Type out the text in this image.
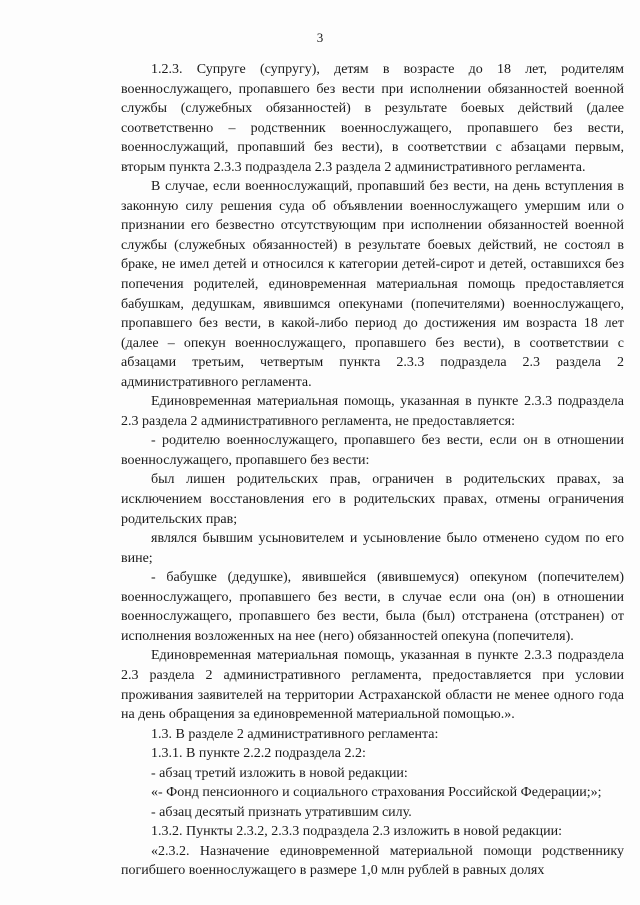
3

1.2.3. Супруге (супругу), детям в возрасте до 18 лет, родителям военнослужащего, пропавшего без вести при исполнении обязанностей военной службы (служебных обязанностей) в результате боевых действий (далее соответственно – родственник военнослужащего, пропавшего без вести, военнослужащий, пропавший без вести), в соответствии с абзацами первым, вторым пункта 2.3.3 подраздела 2.3 раздела 2 административного регламента.

В случае, если военнослужащий, пропавший без вести, на день вступления в законную силу решения суда об объявлении военнослужащего умершим или о признании его безвестно отсутствующим при исполнении обязанностей военной службы (служебных обязанностей) в результате боевых действий, не состоял в браке, не имел детей и относился к категории детей-сирот и детей, оставшихся без попечения родителей, единовременная материальная помощь предоставляется бабушкам, дедушкам, явившимся опекунами (попечителями) военнослужащего, пропавшего без вести, в какой-либо период до достижения им возраста 18 лет (далее – опекун военнослужащего, пропавшего без вести), в соответствии с абзацами третьим, четвертым пункта 2.3.3 подраздела 2.3 раздела 2 административного регламента.

Единовременная материальная помощь, указанная в пункте 2.3.3 подраздела 2.3 раздела 2 административного регламента, не предоставляется:

- родителю военнослужащего, пропавшего без вести, если он в отношении военнослужащего, пропавшего без вести:

был лишен родительских прав, ограничен в родительских правах, за исключением восстановления его в родительских правах, отмены ограничения родительских прав;

являлся бывшим усыновителем и усыновление было отменено судом по его вине;

- бабушке (дедушке), явившейся (явившемуся) опекуном (попечителем) военнослужащего, пропавшего без вести, в случае если она (он) в отношении военнослужащего, пропавшего без вести, была (был) отстранена (отстранен) от исполнения возложенных на нее (него) обязанностей опекуна (попечителя).

Единовременная материальная помощь, указанная в пункте 2.3.3 подраздела 2.3 раздела 2 административного регламента, предоставляется при условии проживания заявителей на территории Астраханской области не менее одного года на день обращения за единовременной материальной помощью.».

1.3. В разделе 2 административного регламента:

1.3.1. В пункте 2.2.2 подраздела 2.2:

- абзац третий изложить в новой редакции:

«- Фонд пенсионного и социального страхования Российской Федерации;»;

- абзац десятый признать утратившим силу.

1.3.2. Пункты 2.3.2, 2.3.3 подраздела 2.3 изложить в новой редакции:

«2.3.2. Назначение единовременной материальной помощи родственнику погибшего военнослужащего в размере 1,0 млн рублей в равных долях
